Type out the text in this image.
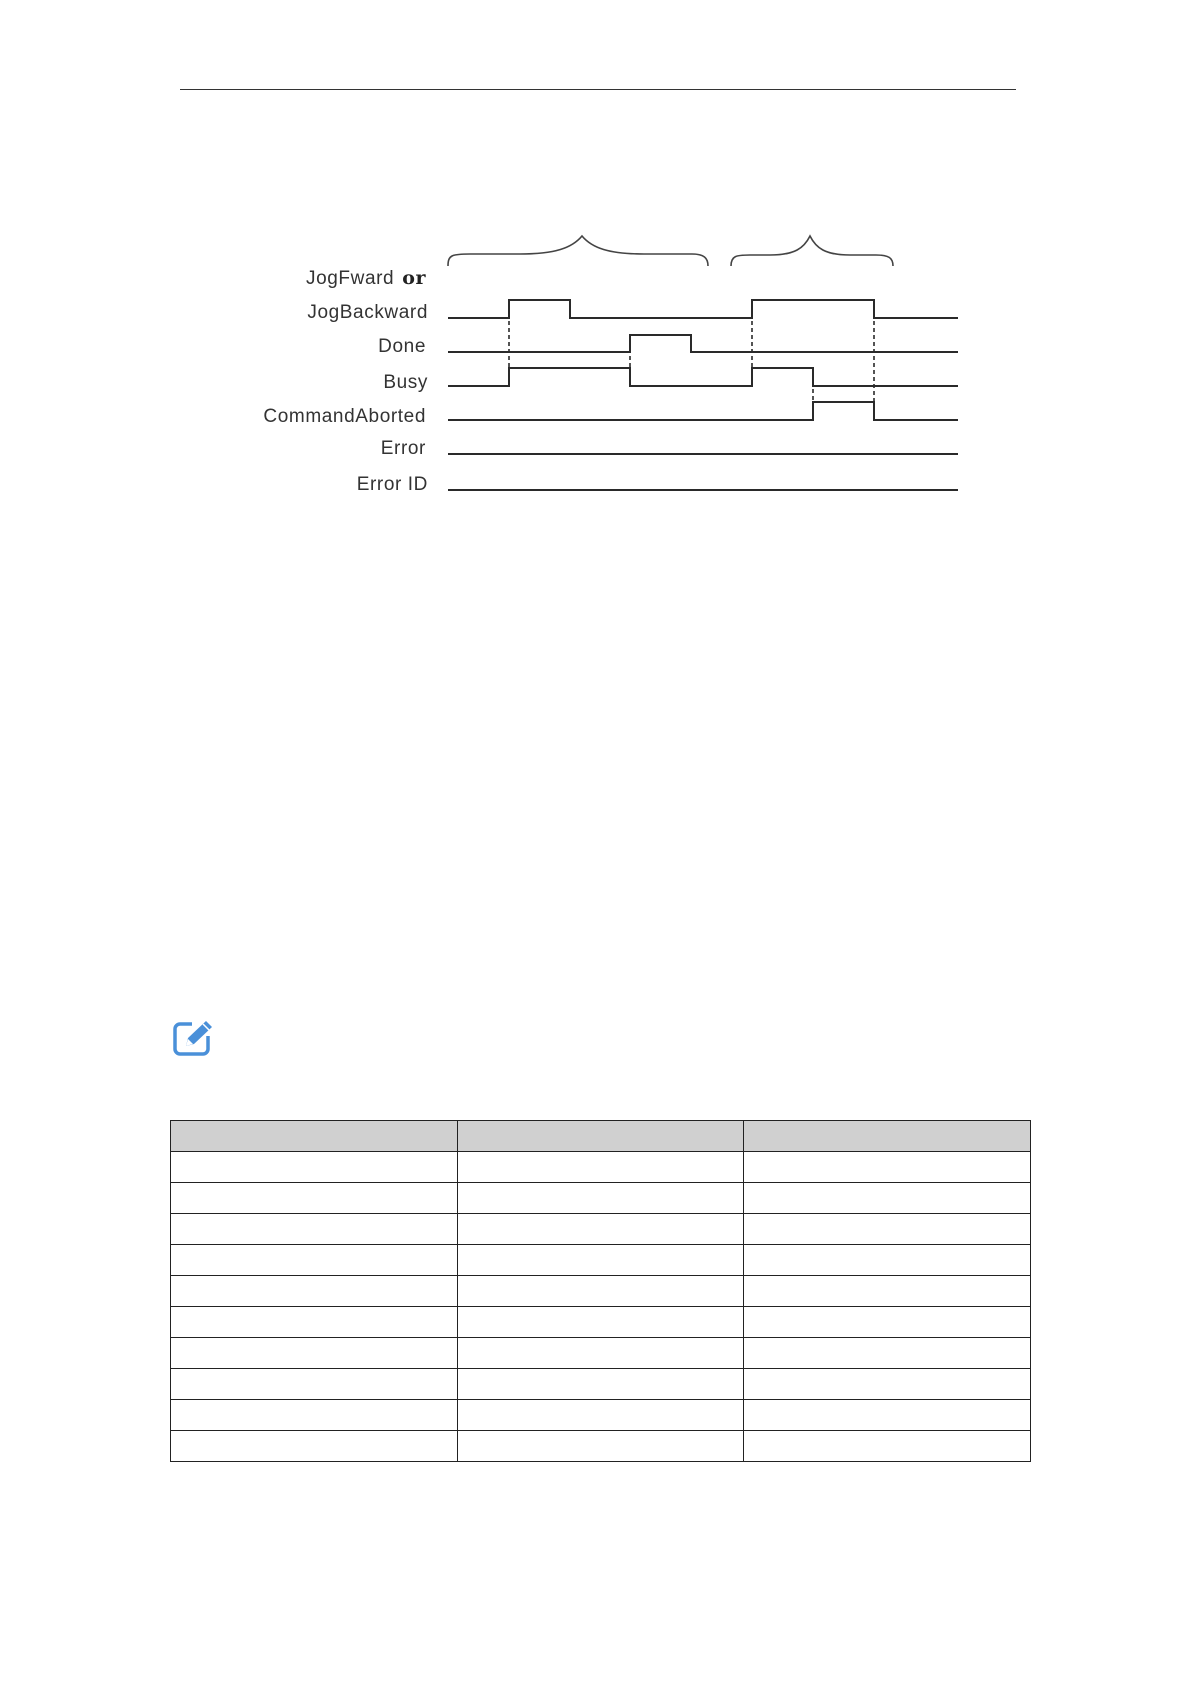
JogFward or
JogBackward
Done
Busy
CommandAborted
Error
Error ID
